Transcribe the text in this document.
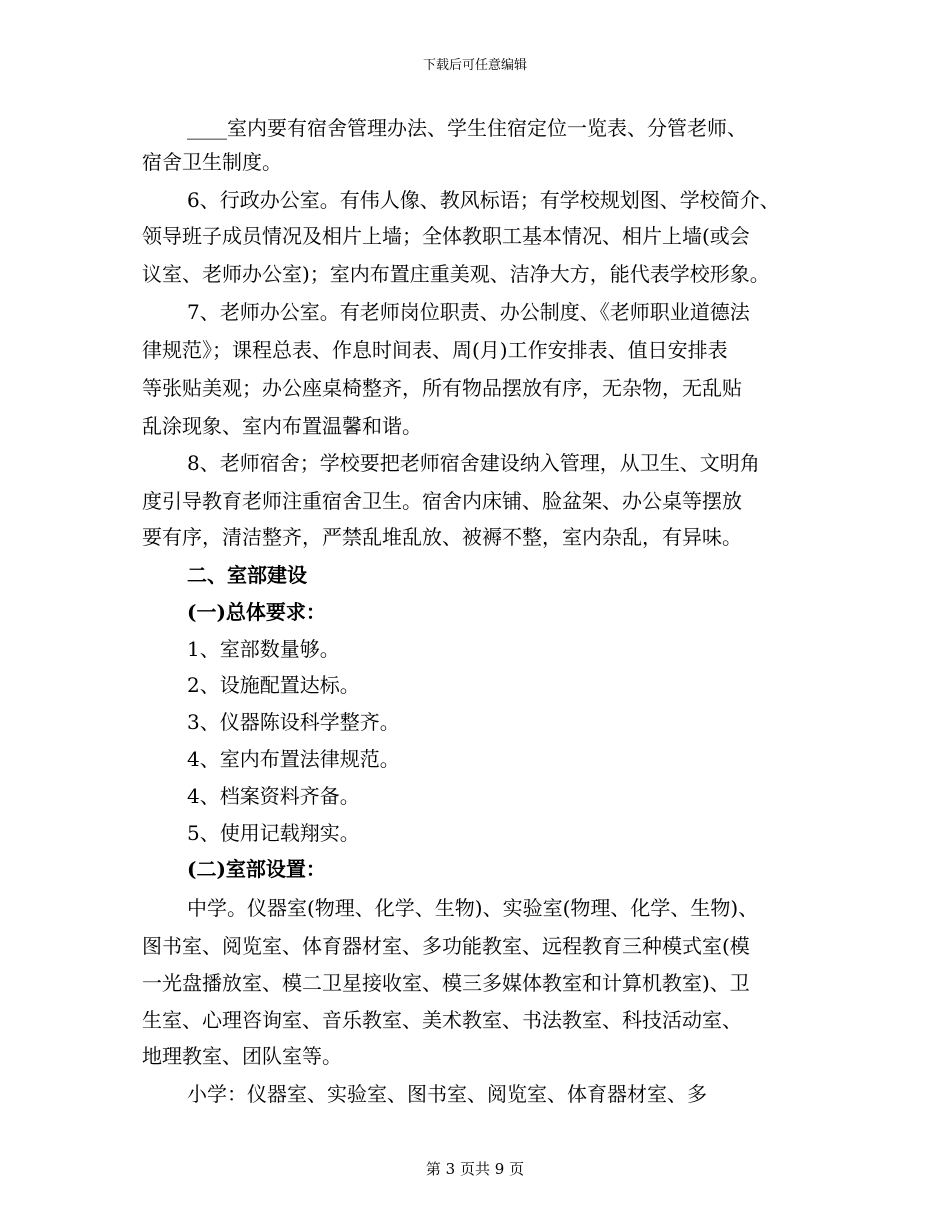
下载后可任意编辑
____室内要有宿舍管理办法、学生住宿定位一览表、分管老师、
宿舍卫生制度。
6、行政办公室。有伟人像、教风标语；有学校规划图、学校简介、
领导班子成员情况及相片上墙；全体教职工基本情况、相片上墙(或会
议室、老师办公室)；室内布置庄重美观、洁净大方，能代表学校形象。
7、老师办公室。有老师岗位职责、办公制度、《老师职业道德法
律规范》；课程总表、作息时间表、周(月)工作安排表、值日安排表
等张贴美观；办公座桌椅整齐，所有物品摆放有序，无杂物，无乱贴
乱涂现象、室内布置温馨和谐。
8、老师宿舍；学校要把老师宿舍建设纳入管理，从卫生、文明角
度引导教育老师注重宿舍卫生。宿舍内床铺、脸盆架、办公桌等摆放
要有序，清洁整齐，严禁乱堆乱放、被褥不整，室内杂乱，有异味。
二、室部建设
(一)总体要求：
1、室部数量够。
2、设施配置达标。
3、仪器陈设科学整齐。
4、室内布置法律规范。
4、档案资料齐备。
5、使用记载翔实。
(二)室部设置：
中学。仪器室(物理、化学、生物)、实验室(物理、化学、生物)、
图书室、阅览室、体育器材室、多功能教室、远程教育三种模式室(模
一光盘播放室、模二卫星接收室、模三多媒体教室和计算机教室)、卫
生室、心理咨询室、音乐教室、美术教室、书法教室、科技活动室、
地理教室、团队室等。
小学：仪器室、实验室、图书室、阅览室、体育器材室、多
第 3 页共 9 页
